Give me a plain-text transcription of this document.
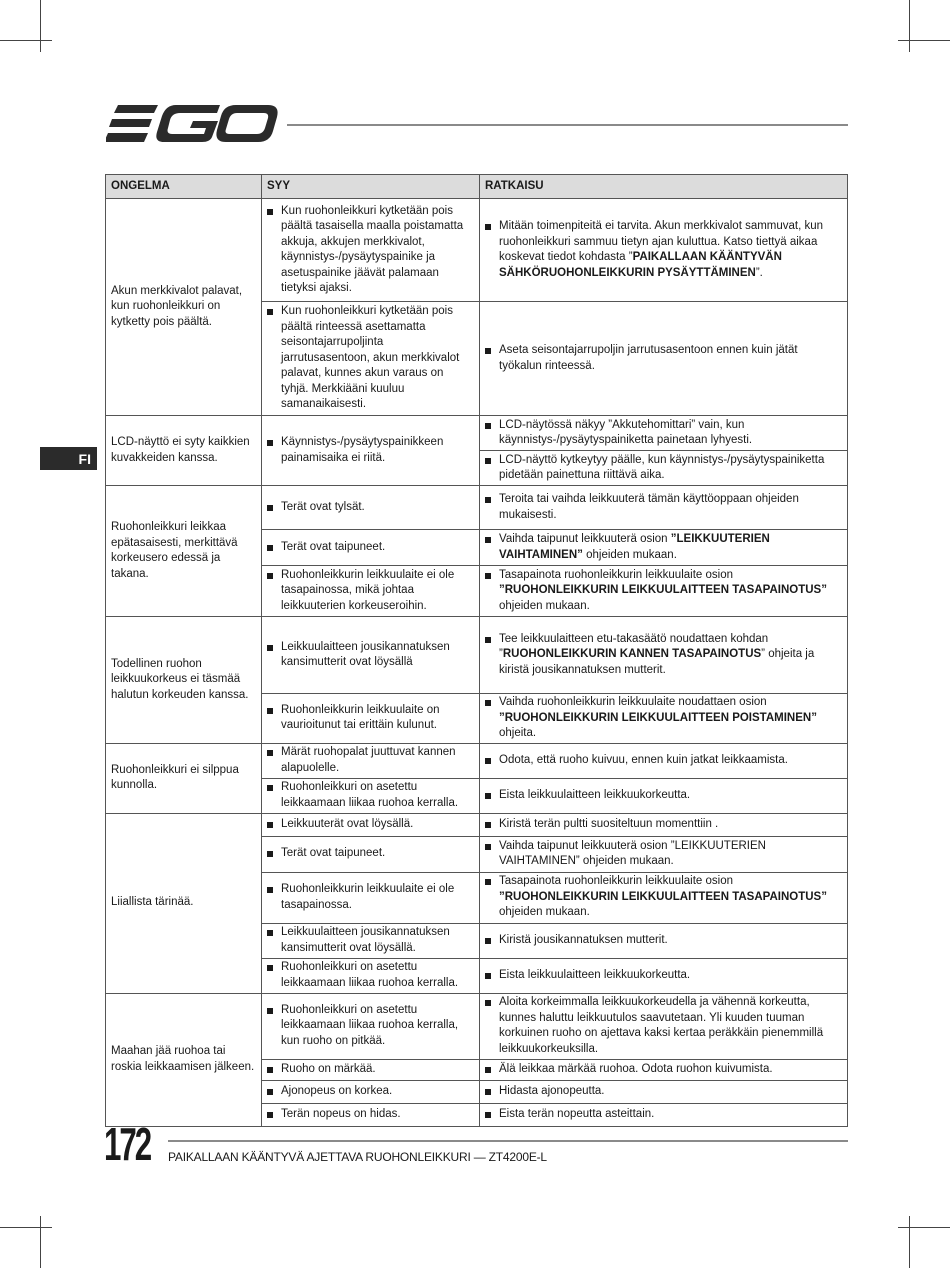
FI
ONGELMA	SYY	RATKAISU
Akun merkkivalot palavat, kun ruohonleikkuri on kytketty pois päältä.	Kun ruohonleikkuri kytketään pois päältä tasaisella maalla poistamatta akkuja, akkujen merkkivalot, käynnistys-/pysäytyspainike ja asetuspainike jäävät palamaan tietyksi ajaksi.	Mitään toimenpiteitä ei tarvita. Akun merkkivalot sammuvat, kun ruohonleikkuri sammuu tietyn ajan kuluttua. Katso tiettyä aikaa koskevat tiedot kohdasta ”PAIKALLAAN KÄÄNTYVÄN SÄHKÖRUOHONLEIKKURIN PYSÄYTTÄMINEN”.

	Kun ruohonleikkuri kytketään pois päältä rinteessä asettamatta seisontajarrupoljinta jarrutusasentoon, akun merkkivalot palavat, kunnes akun varaus on tyhjä. Merkkiääni kuuluu samanaikaisesti.	Aseta seisontajarrupoljin jarrutusasentoon ennen kuin jätät työkalun rinteessä.

LCD-näyttö ei syty kaikkien kuvakkeiden kanssa.	Käynnistys-/pysäytyspainikkeen painamisaika ei riitä.	LCD-näytössä näkyy ”Akkutehomittari” vain, kun käynnistys-/pysäytyspainiketta painetaan lyhyesti.

		LCD-näyttö kytkeytyy päälle, kun käynnistys-/pysäytyspainiketta pidetään painettuna riittävä aika.

Ruohonleikkuri leikkaa epätasaisesti, merkittävä korkeusero edessä ja takana.	Terät ovat tylsät.	Teroita tai vaihda leikkuuterä tämän käyttöoppaan ohjeiden mukaisesti.

	Terät ovat taipuneet.	Vaihda taipunut leikkuuterä osion ”LEIKKUUTERIEN VAIHTAMINEN” ohjeiden mukaan.

	Ruohonleikkurin leikkuulaite ei ole tasapainossa, mikä johtaa leikkuuterien korkeuseroihin.	Tasapainota ruohonleikkurin leikkuulaite osion ”RUOHONLEIKKURIN LEIKKUULAITTEEN TASAPAINOTUS” ohjeiden mukaan.

Todellinen ruohon leikkuukorkeus ei täsmää halutun korkeuden kanssa.	Leikkuulaitteen jousikannatuksen kansimutterit ovat löysällä	Tee leikkuulaitteen etu-takasäätö noudattaen kohdan ”RUOHONLEIKKURIN KANNEN TASAPAINOTUS” ohjeita ja kiristä jousikannatuksen mutterit.

	Ruohonleikkurin leikkuulaite on vaurioitunut tai erittäin kulunut.	Vaihda ruohonleikkurin leikkuulaite noudattaen osion ”RUOHONLEIKKURIN LEIKKUULAITTEEN POISTAMINEN” ohjeita.

Ruohonleikkuri ei silppua kunnolla.	Märät ruohopalat juuttuvat kannen alapuolelle.	Odota, että ruoho kuivuu, ennen kuin jatkat leikkaamista.

	Ruohonleikkuri on asetettu leikkaamaan liikaa ruohoa kerralla.	Eista leikkuulaitteen leikkuukorkeutta.

Liiallista tärinää.	Leikkuuterät ovat löysällä.	Kiristä terän pultti suositeltuun momenttiin .

	Terät ovat taipuneet.	Vaihda taipunut leikkuuterä osion ”LEIKKUUTERIEN VAIHTAMINEN” ohjeiden mukaan.

	Ruohonleikkurin leikkuulaite ei ole tasapainossa.	Tasapainota ruohonleikkurin leikkuulaite osion ”RUOHONLEIKKURIN LEIKKUULAITTEEN TASAPAINOTUS” ohjeiden mukaan.

	Leikkuulaitteen jousikannatuksen kansimutterit ovat löysällä.	Kiristä jousikannatuksen mutterit.

	Ruohonleikkuri on asetettu leikkaamaan liikaa ruohoa kerralla.	Eista leikkuulaitteen leikkuukorkeutta.

Maahan jää ruohoa tai roskia leikkaamisen jälkeen.	Ruohonleikkuri on asetettu leikkaamaan liikaa ruohoa kerralla, kun ruoho on pitkää.	Aloita korkeimmalla leikkuukorkeudella ja vähennä korkeutta, kunnes haluttu leikkuutulos saavutetaan. Yli kuuden tuuman korkuinen ruoho on ajettava kaksi kertaa peräkkäin pienemmillä leikkuukorkeuksilla.

	Ruoho on märkää.	Älä leikkaa märkää ruohoa. Odota ruohon kuivumista.

	Ajonopeus on korkea.	Hidasta ajonopeutta.

	Terän nopeus on hidas.	Eista terän nopeutta asteittain.
172 PAIKALLAAN KÄÄNTYVÄ AJETTAVA RUOHONLEIKKURI — ZT4200E-L
